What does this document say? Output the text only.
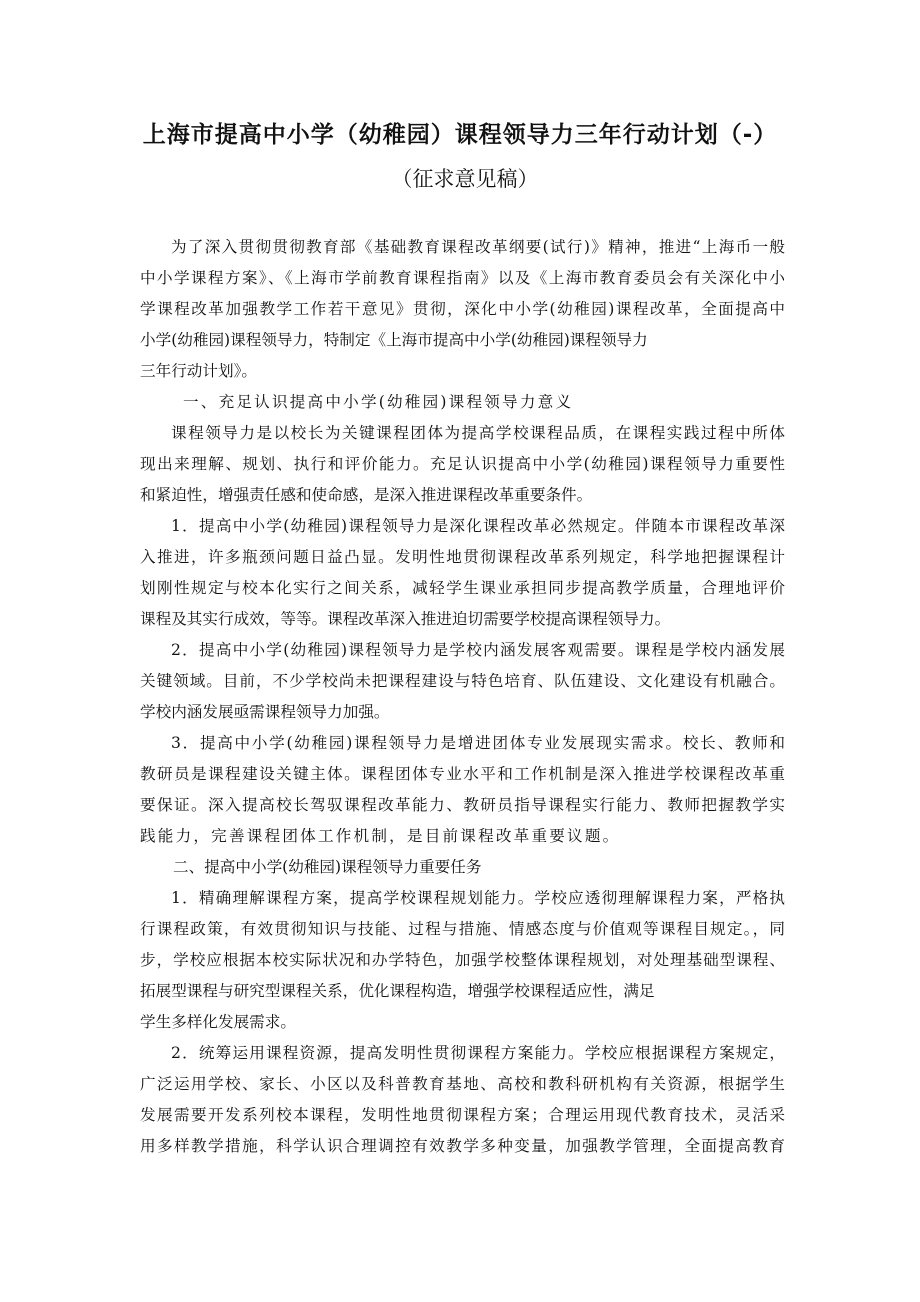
上海市提高中小学（幼稚园）课程领导力三年行动计划（-）

（征求意见稿）

为了深入贯彻贯彻教育部《基础教育课程改革纲要(试行)》精神，推进“上海币一般
中小学课程方案》、《上海市学前教育课程指南》以及《上海市教育委员会有关深化中小
学课程改革加强教学工作若干意见》贯彻，深化中小学(幼稚园)课程改革，全面提高中
小学(幼稚园)课程领导力，特制定《上海市提高中小学(幼稚园)课程领导力
三年行动计划》。
一、充足认识提高中小学(幼稚园)课程领导力意义
课程领导力是以校长为关键课程团体为提高学校课程品质，在课程实践过程中所体
现出来理解、规划、执行和评价能力。充足认识提高中小学(幼稚园)课程领导力重要性
和紧迫性，增强责任感和使命感，是深入推进课程改革重要条件。
1．提高中小学(幼稚园)课程领导力是深化课程改革必然规定。伴随本市课程改革深
入推进，许多瓶颈问题日益凸显。发明性地贯彻课程改革系列规定，科学地把握课程计
划刚性规定与校本化实行之间关系，减轻学生课业承担同步提高教学质量，合理地评价
课程及其实行成效，等等。课程改革深入推进迫切需要学校提高课程领导力。
2．提高中小学(幼稚园)课程领导力是学校内涵发展客观需要。课程是学校内涵发展
关键领域。目前，不少学校尚未把课程建设与特色培育、队伍建设、文化建设有机融合。
学校内涵发展亟需课程领导力加强。
3．提高中小学(幼稚园)课程领导力是增进团体专业发展现实需求。校长、教师和
教研员是课程建设关键主体。课程团体专业水平和工作机制是深入推进学校课程改革重
要保证。深入提高校长驾驭课程改革能力、教研员指导课程实行能力、教师把握教学实
践能力，完善课程团体工作机制，是目前课程改革重要议题。
二、提高中小学(幼稚园)课程领导力重要任务
1．精确理解课程方案，提高学校课程规划能力。学校应透彻理解课程力案，严格执
行课程政策，有效贯彻知识与技能、过程与措施、情感态度与价值观等课程目规定。，同
步，学校应根据本校实际状况和办学特色，加强学校整体课程规划，对处理基础型课程、
拓展型课程与研究型课程关系，优化课程构造，增强学校课程适应性，满足
学生多样化发展需求。
2．统筹运用课程资源，提高发明性贯彻课程方案能力。学校应根据课程方案规定，
广泛运用学校、家长、小区以及科普教育基地、高校和教科研机构有关资源，根据学生
发展需要开发系列校本课程，发明性地贯彻课程方案；合理运用现代教育技术，灵活采
用多样教学措施，科学认识合理调控有效教学多种变量，加强教学管理，全面提高教育
